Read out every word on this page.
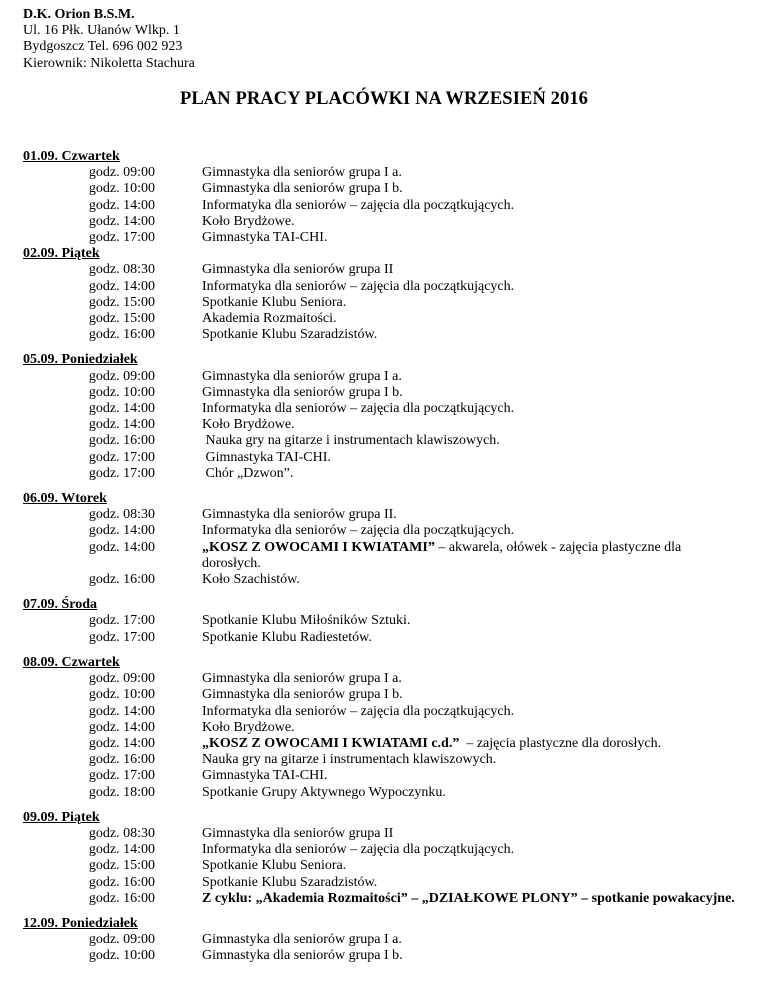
D.K. Orion B.S.M.
Ul. 16 Płk. Ułanów Wlkp. 1
Bydgoszcz Tel. 696 002 923
Kierownik: Nikoletta Stachura
PLAN PRACY PLACÓWKI NA WRZESIEŃ 2016
01.09. Czwartek
godz. 09:00	Gimnastyka dla seniorów grupa I a.
godz. 10:00	Gimnastyka dla seniorów grupa I b.
godz. 14:00	Informatyka dla seniorów – zajęcia dla początkujących.
godz. 14:00	Koło Brydżowe.
godz. 17:00	Gimnastyka TAI-CHI.
02.09. Piątek
godz. 08:30	Gimnastyka dla seniorów grupa II
godz. 14:00	Informatyka dla seniorów – zajęcia dla początkujących.
godz. 15:00	Spotkanie Klubu Seniora.
godz. 15:00	Akademia Rozmaitości.
godz. 16:00	Spotkanie Klubu Szaradzistów.
05.09. Poniedziałek
godz. 09:00	Gimnastyka dla seniorów grupa I a.
godz. 10:00	Gimnastyka dla seniorów grupa I b.
godz. 14:00	Informatyka dla seniorów – zajęcia dla początkujących.
godz. 14:00	Koło Brydżowe.
godz. 16:00	Nauka gry na gitarze i instrumentach klawiszowych.
godz. 17:00	Gimnastyka TAI-CHI.
godz. 17:00	Chór „Dzwon”.
06.09. Wtorek
godz. 08:30	Gimnastyka dla seniorów grupa II.
godz. 14:00	Informatyka dla seniorów – zajęcia dla początkujących.
godz. 14:00	„KOSZ Z OWOCAMI I KWIATAMI” – akwarela, ołówek - zajęcia plastyczne dla dorosłych.
godz. 16:00	Koło Szachistów.
07.09. Środa
godz. 17:00	Spotkanie Klubu Miłośników Sztuki.
godz. 17:00	Spotkanie Klubu Radiestetów.
08.09. Czwartek
godz. 09:00	Gimnastyka dla seniorów grupa I a.
godz. 10:00	Gimnastyka dla seniorów grupa I b.
godz. 14:00	Informatyka dla seniorów – zajęcia dla początkujących.
godz. 14:00	Koło Brydżowe.
godz. 14:00	„KOSZ Z OWOCAMI I KWIATAMI c.d.”  – zajęcia plastyczne dla dorosłych.
godz. 16:00	Nauka gry na gitarze i instrumentach klawiszowych.
godz. 17:00	Gimnastyka TAI-CHI.
godz. 18:00	Spotkanie Grupy Aktywnego Wypoczynku.
09.09. Piątek
godz. 08:30	Gimnastyka dla seniorów grupa II
godz. 14:00	Informatyka dla seniorów – zajęcia dla początkujących.
godz. 15:00	Spotkanie Klubu Seniora.
godz. 16:00	Spotkanie Klubu Szaradzistów.
godz. 16:00	Z cyklu: „Akademia Rozmaitości” – „DZIAŁKOWE PLONY” – spotkanie powakacyjne.
12.09. Poniedziałek
godz. 09:00	Gimnastyka dla seniorów grupa I a.
godz. 10:00	Gimnastyka dla seniorów grupa I b.
